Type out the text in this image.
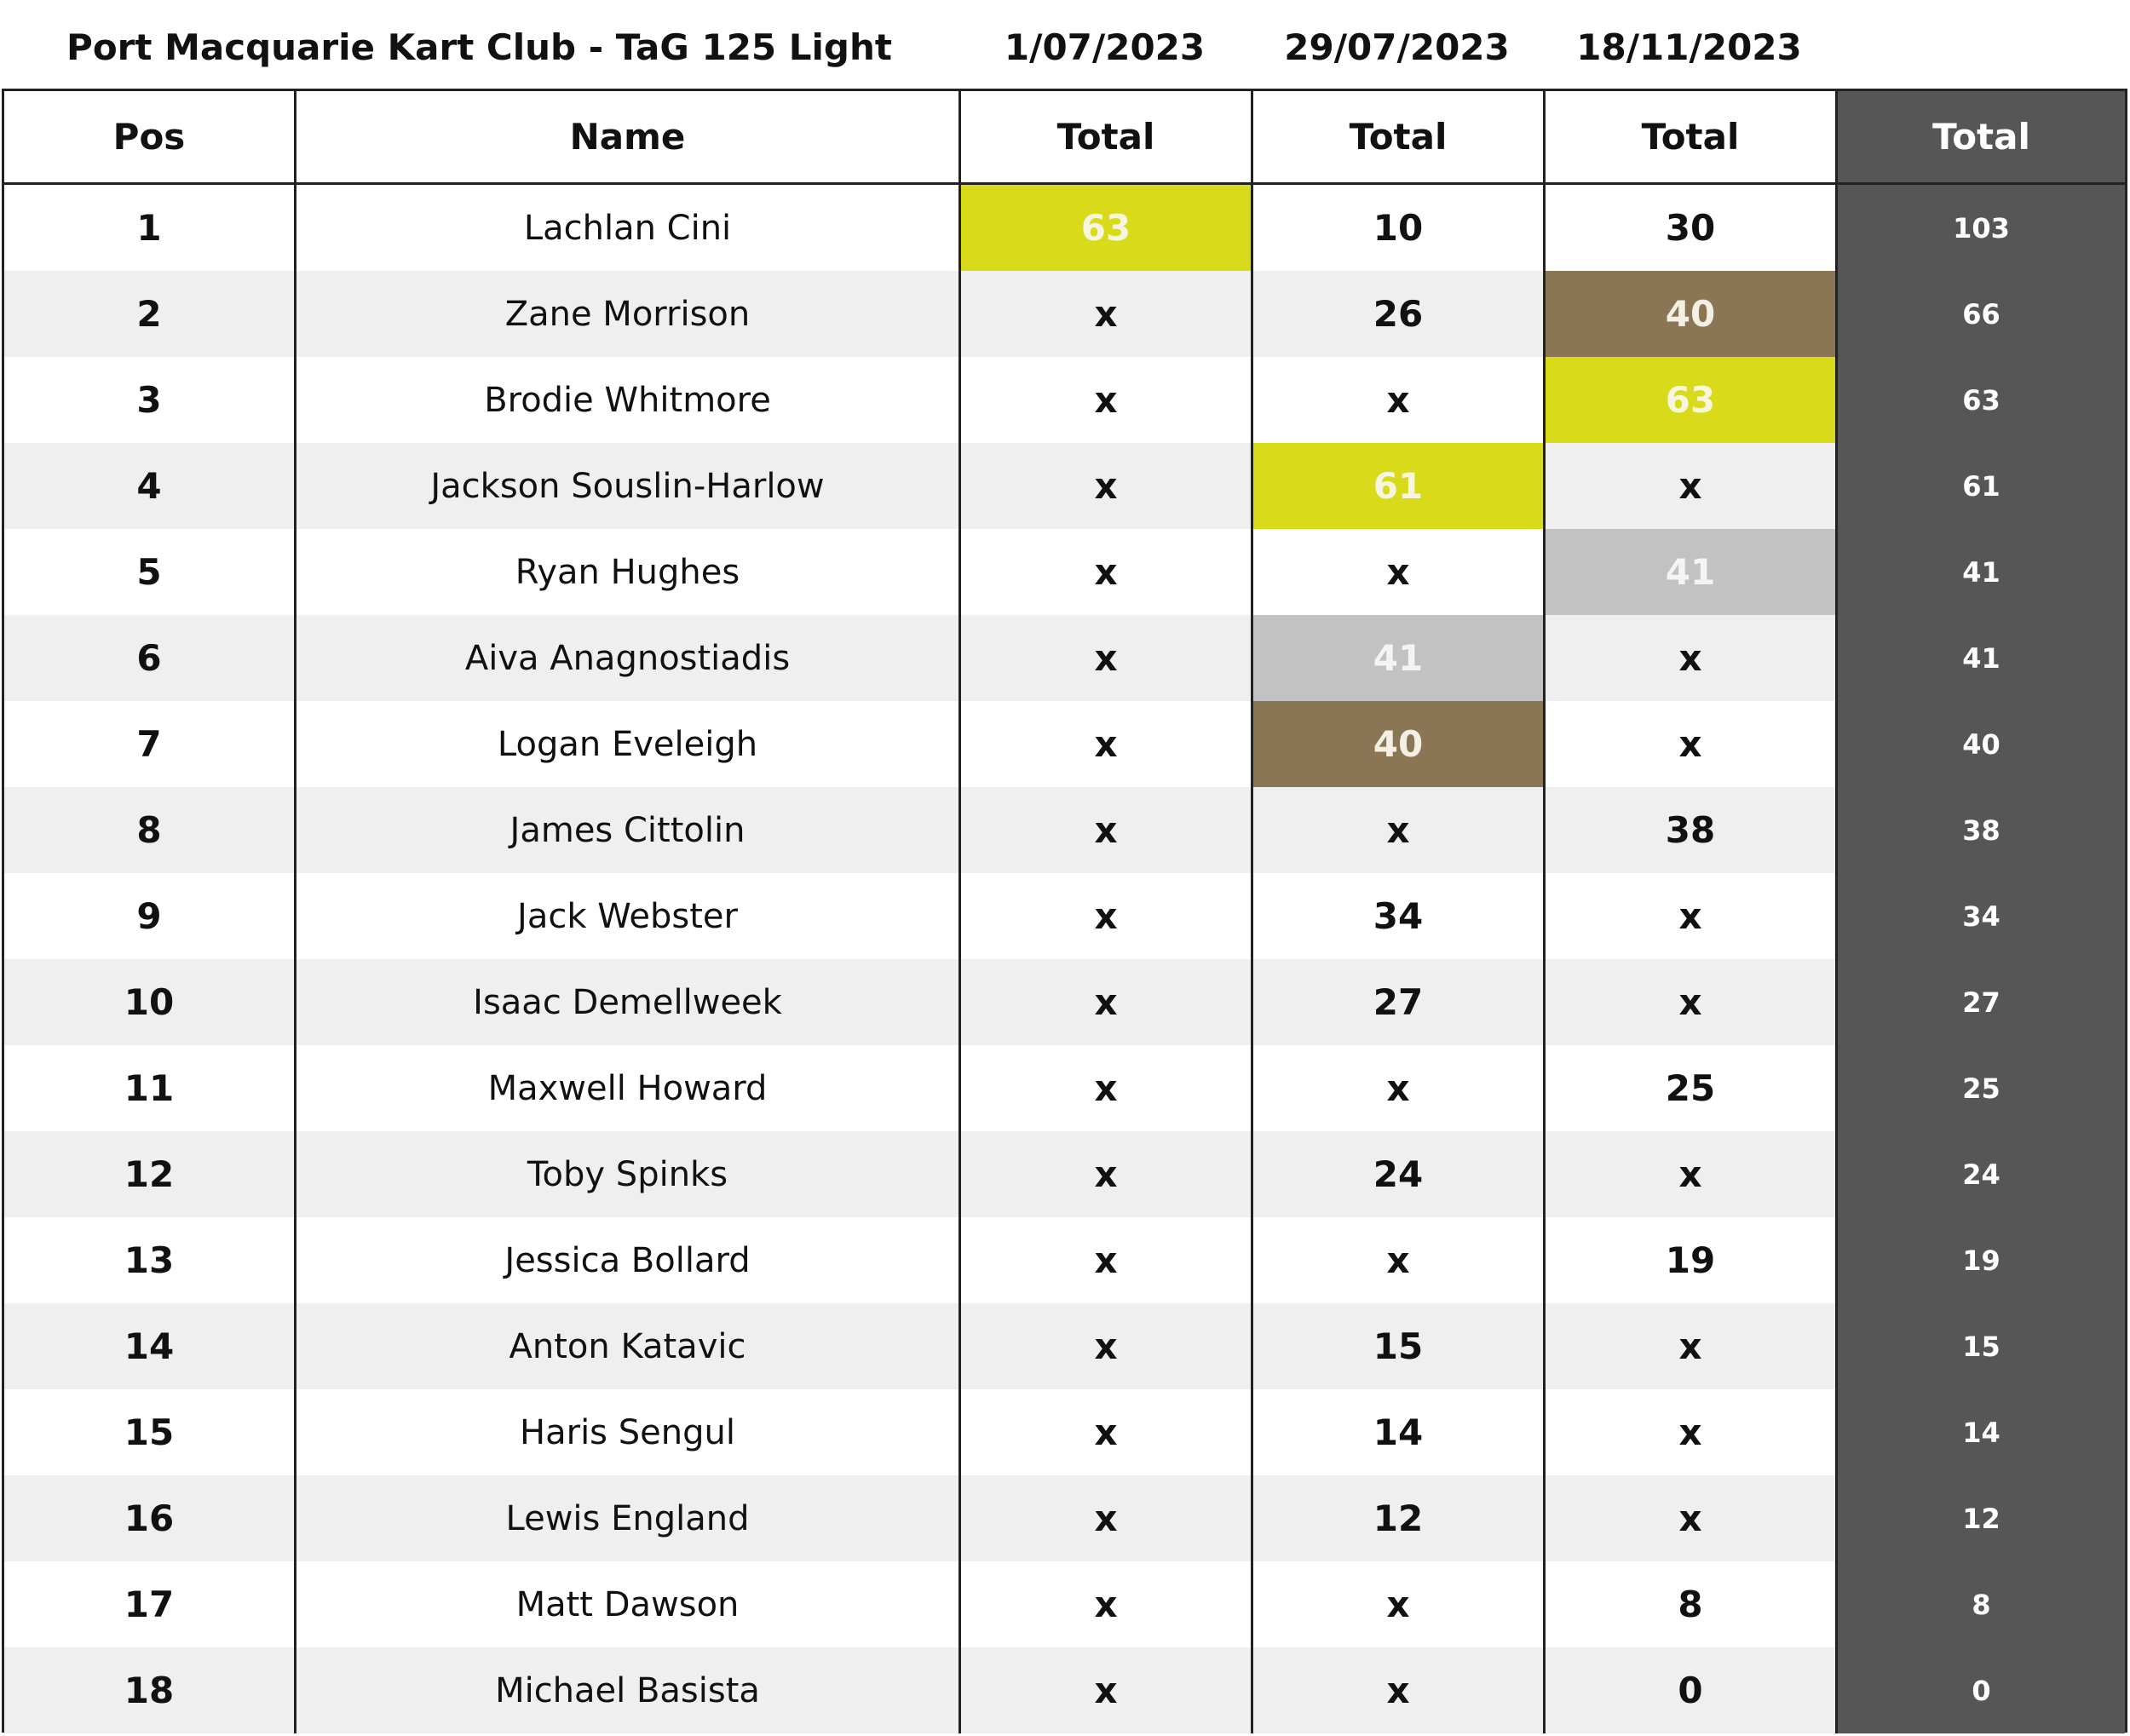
Port Macquarie Kart Club - TaG 125 Light	1/07/2023	29/07/2023	18/11/2023
Pos	Name	Total	Total	Total	Total
1	Lachlan Cini	63	10	30	103
2	Zane Morrison	x	26	40	66
3	Brodie Whitmore	x	x	63	63
4	Jackson Souslin-Harlow	x	61	x	61
5	Ryan Hughes	x	x	41	41
6	Aiva Anagnostiadis	x	41	x	41
7	Logan Eveleigh	x	40	x	40
8	James Cittolin	x	x	38	38
9	Jack Webster	x	34	x	34
10	Isaac Demellweek	x	27	x	27
11	Maxwell Howard	x	x	25	25
12	Toby Spinks	x	24	x	24
13	Jessica Bollard	x	x	19	19
14	Anton Katavic	x	15	x	15
15	Haris Sengul	x	14	x	14
16	Lewis England	x	12	x	12
17	Matt Dawson	x	x	8	8
18	Michael Basista	x	x	0	0
